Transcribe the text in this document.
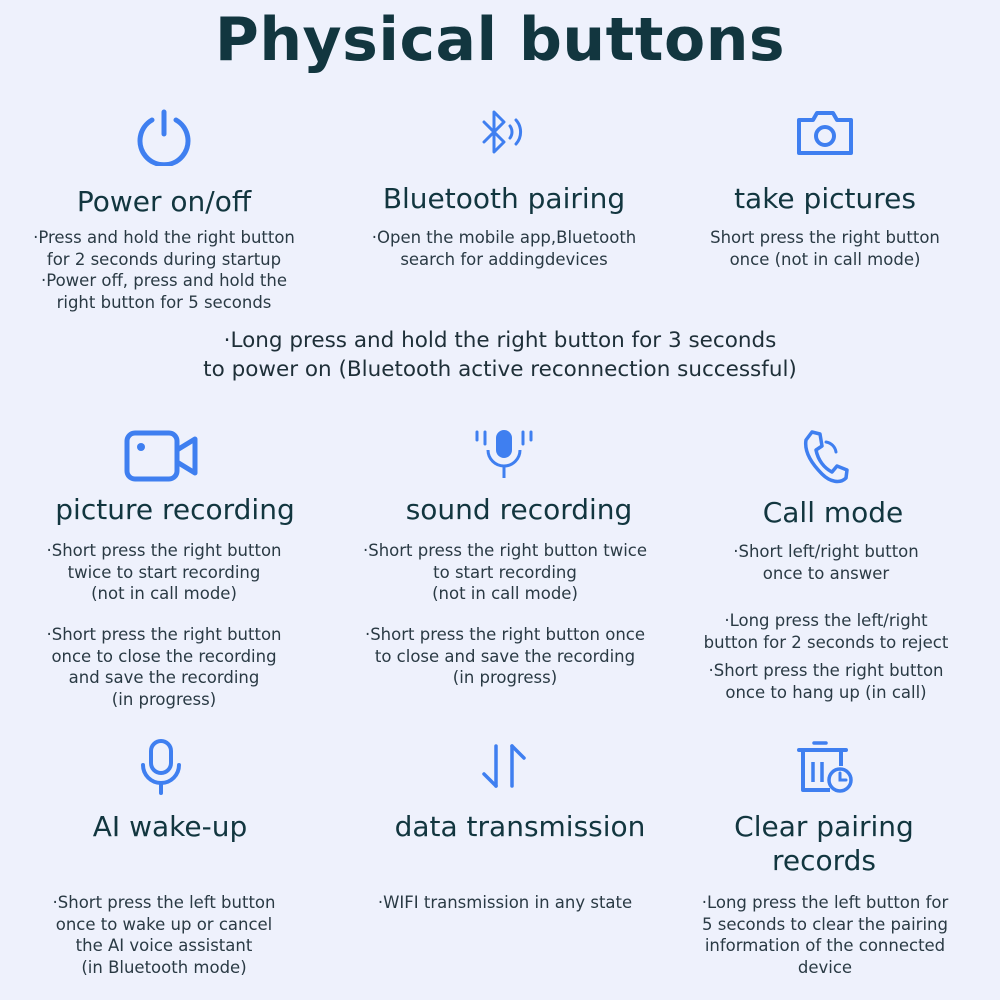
Physical buttons
Power on/off
·Press and hold the right button
for 2 seconds during startup
·Power off, press and hold the
right button for 5 seconds
Bluetooth pairing
·Open the mobile app,Bluetooth
search for addingdevices
take pictures
Short press the right button
once (not in call mode)
·Long press and hold the right button for 3 seconds
to power on (Bluetooth active reconnection successful)
picture recording
·Short press the right button
twice to start recording
(not in call mode)
·Short press the right button
once to close the recording
and save the recording
(in progress)
sound recording
·Short press the right button twice
to start recording
(not in call mode)
·Short press the right button once
to close and save the recording
(in progress)
Call mode
·Short left/right button
once to answer
·Long press the left/right
button for 2 seconds to reject
·Short press the right button
once to hang up (in call)
AI wake-up
·Short press the left button
once to wake up or cancel
the AI voice assistant
(in Bluetooth mode)
data transmission
·WIFI transmission in any state
Clear pairing
records
·Long press the left button for
5 seconds to clear the pairing
information of the connected
device
